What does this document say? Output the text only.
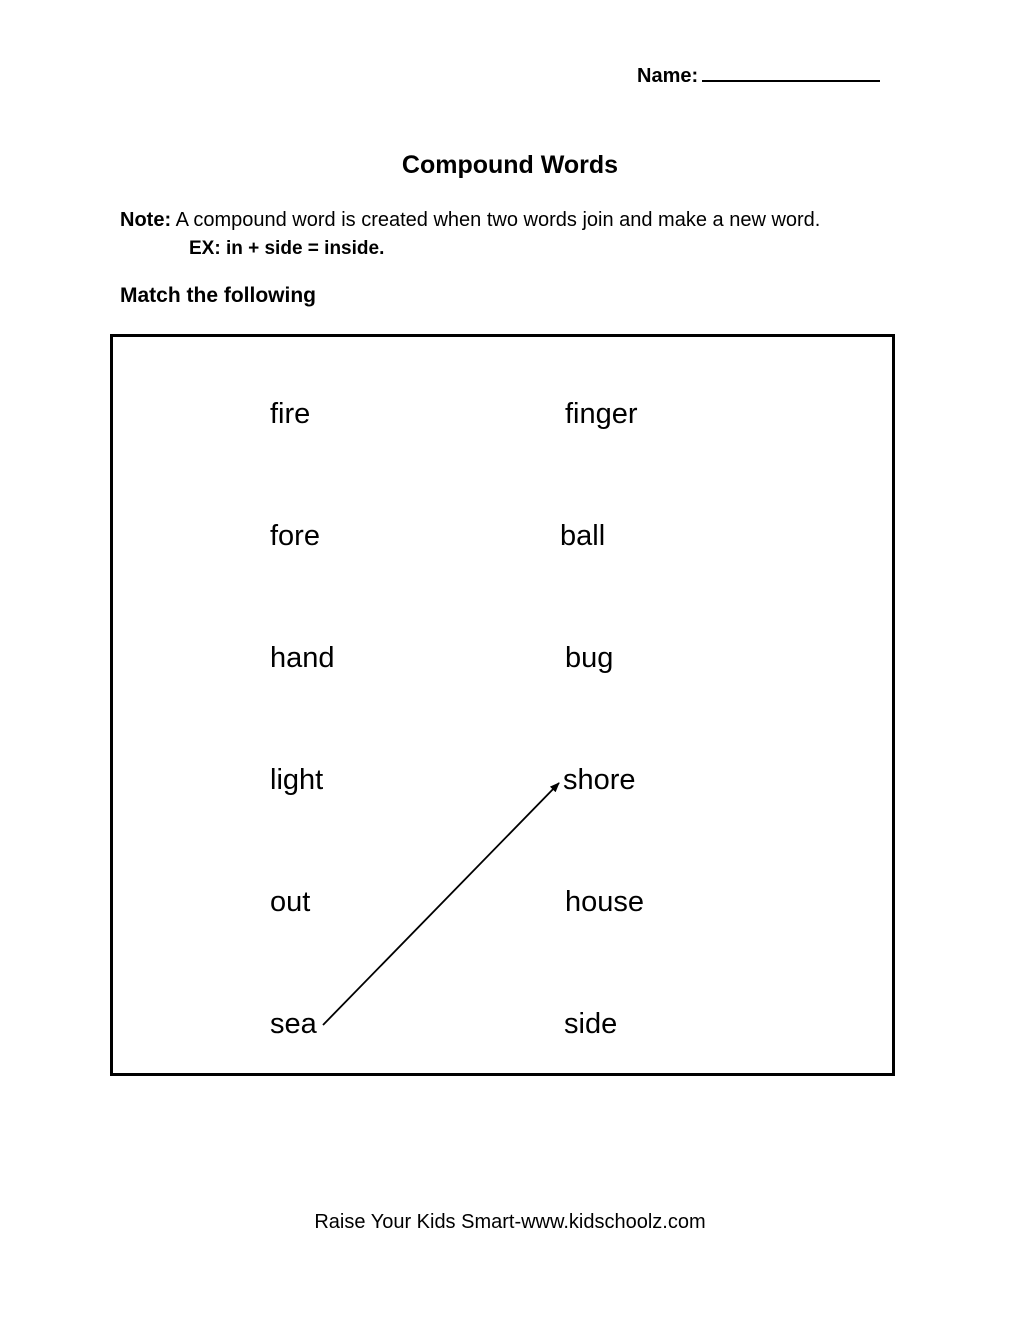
Name:
Compound Words
Note: A compound word is created when two words join and make a new word.
EX: in + side = inside.
Match the following
fire
fore
hand
light
out
sea
finger
ball
bug
shore
house
side
Raise Your Kids Smart-www.kidschoolz.com
